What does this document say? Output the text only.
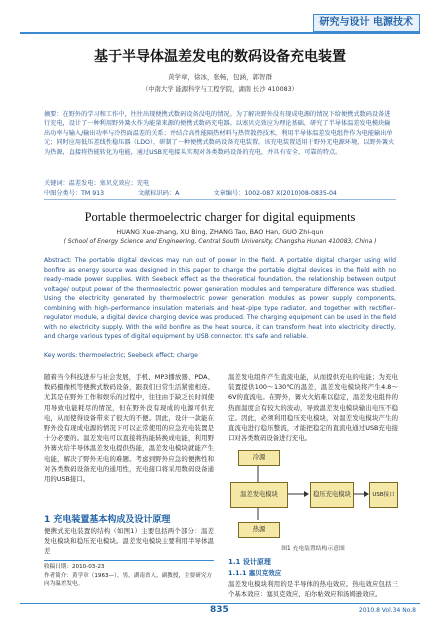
研究与设计 电源技术
基于半导体温差发电的数码设备充电装置
黄学章，徐冰，张畅，包涵，郭智群
（中南大学 能源科学与工程学院，湖南 长沙 410083）
摘要：在野外的学习和工作中，往往出现便携式数码设备没电的情况。为了解决野外没有现成电源的情况下给便携式数码设备进行充电，设计了一种利用野外篝火作为能量来源的便携式数码充电器。以塞贝克效应为理论基础，研究了半导体温差发电模块输出功率与输入/输出功率与冷热面温差的关系；并结合高性能隔热材料与热管散热技术，利用半导体温差发电组件作为电能输出单元；同时应用低压差线性稳压器（LDO），研制了一种便携式数码设备充电装置。该充电装置适用于野外无电源环境，以野外篝火为热源，直接将热能转化为电能，通过USB充电接头实现对各类数码设备的充电，并具有安全、可靠的特点。
关键词：温差发电；塞贝克效应；充电
中图分类号：TM 913	文献标识码：A	文章编号：1002-087 X(2010)08-0835-04
Portable thermoelectric charger for digital equipments
HUANG Xue-zhang, XU Bing, ZHANG Tao, BAO Han, GUO Zhi-qun
( School of Energy Science and Engineering, Central South University, Changsha Hunan 410083, China )
Abstract: The portable digital devices may run out of power in the field. A portable digital charger using wild bonfire as energy source was designed in this paper to charge the portable digital devices in the field with no ready–made power supplies. With Seebeck effect as the theoretical foundation, the relationship between output voltage/ output power of the thermoelectric power generation modules and temperature difference was studied. Using the electricity generated by thermoelectric power generation modules as power supply components, combining with high–performance insulation materials and heat–pipe type radiator, and together with rectifier–regulator module, a digital device charging device was produced. The charging equipment can be used in the field with no electricity supply. With the wild bonfire as the heat source, it can transform heat into electricity directly, and charge various types of digital equipment by USB connector. It's safe and reliable.
Key words: thermoelectric; Seebeck effect; charge
随着当今科技进步与社会发展，手机、MP3播放器、PDA、数码摄像机等便携式数码设备，跟我们日常生活紧密相连。尤其是在野外工作和娱乐的过程中，往往由于缺乏长时间使用导致电能耗尽的情况，但在野外没有现成的电源可供充电，从而使得设备带来了很大的不便。因此，设计一款能在野外没有现成电源的情况下可以正常使用的应急充电装置是十分必要的。温差发电可以直接将热能转换成电能，利用野外篝火给半导体温差发电提供热能，温差发电模块就能产生电能，解决了野外无电的难题。考虑到野外应急的便携性和对各类数码设备充电的通用性，充电接口将采用数码设备通用的USB接口。
1 充电装置基本构成及设计原理
便携式充电装置的结构（如图1）主要包括两个部分：温差发电模块和稳压充电模块。温差发电模块主要利用半导体温差
收稿日期：2010-03-23
作者简介：黄学章（1963—），男，湖南省人，副教授，主要研究方向为温差发电。
温差发电组件产生直流电能，从而提供充电的电能；为充电装置提供100～130℃的温差，温差发电模块将产生4.8～6V的直流电。在野外，篝火火焰难以稳定，温差发电组件的热面温度会有较大的波动，导致温差发电模块输出电压不稳定。因此，必须利用稳压充电模块，对温差发电模块产生的直流电进行稳压整流，才能把稳定的直流电通过USB充电接口对各类数码设备进行充电。
冷源
温差发电模块	稳压充电模块	USB接口
热源
图1 充电装置结构示意图
1.1 设计原理
1.1.1 塞贝克效应
温差发电模块利用的是半导体的热电效应。热电效应包括三个基本效应：塞贝克效应、珀尔帖效应和汤姆逊效应。
835	2010.8 Vol.34 No.8
